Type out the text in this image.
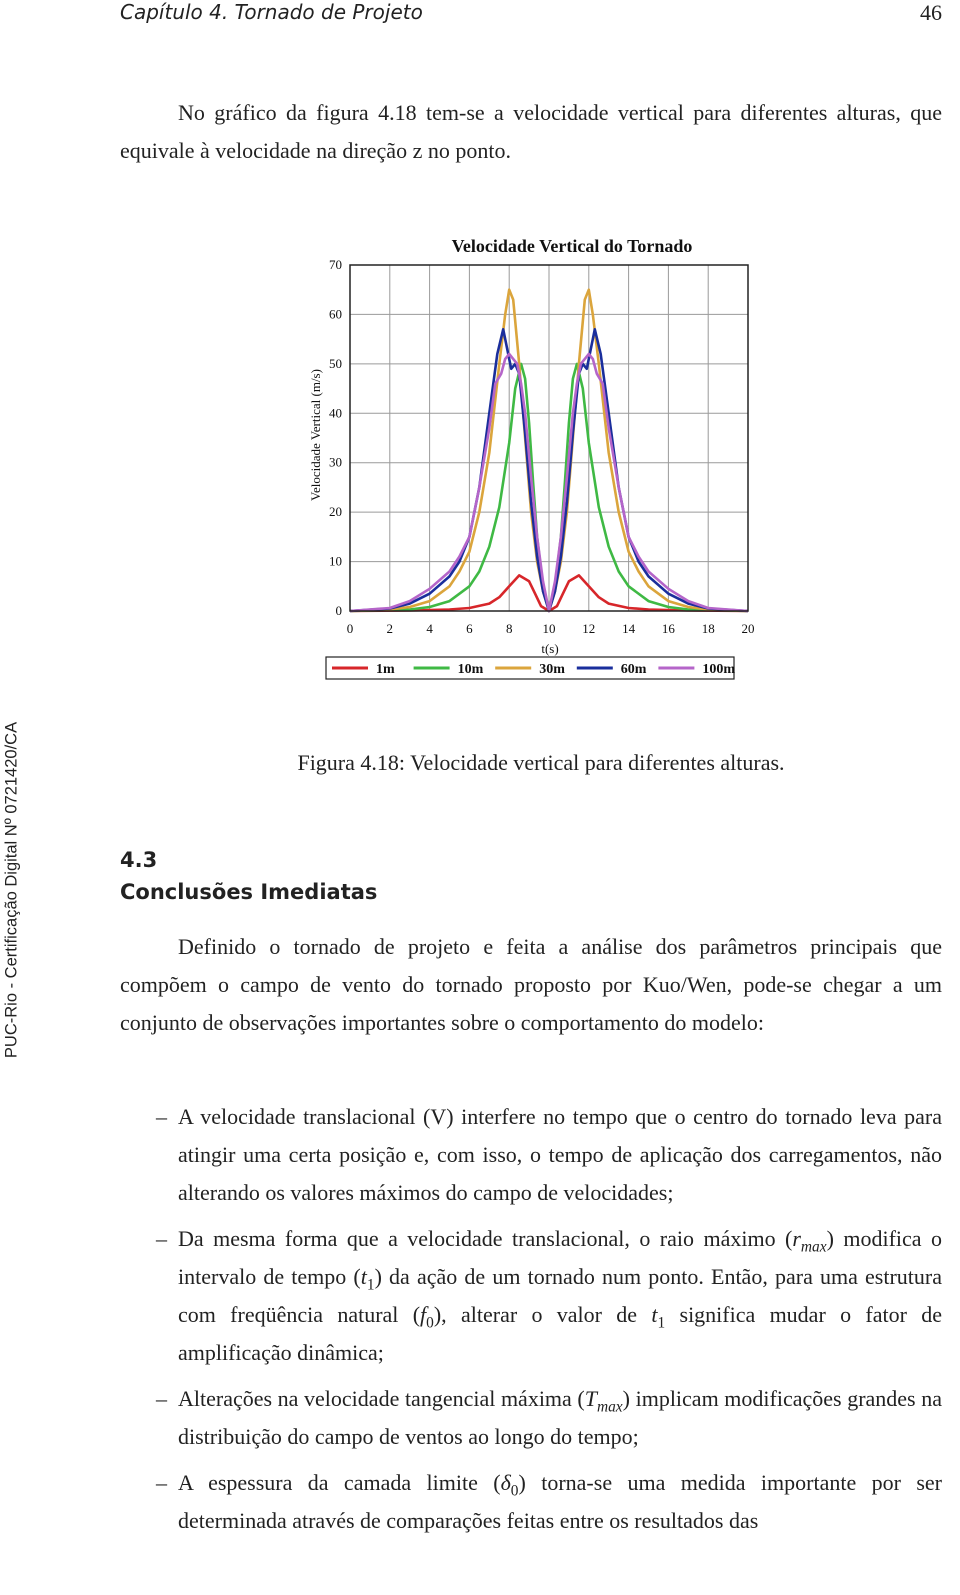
Capítulo 4. Tornado de Projeto	46

No gráfico da figura 4.18 tem-se a velocidade vertical para diferentes alturas, que equivale à velocidade na direção z no ponto.

PUC-Rio - Certificação Digital Nº 0721420/CA
0	2	4	6	8 10 12 14 16 18 20
0
10
20
30
40
50
60
70
Velocidade Vertical do Tornado
t(s)
Velocidade Vertical (m/s)
1m	10m	30m	60m	100m

Figura 4.18: Velocidade vertical para diferentes alturas.

4.3
Conclusões Imediatas

Definido o tornado de projeto e feita a análise dos parâmetros principais que compõem o campo de vento do tornado proposto por Kuo/Wen, pode-se chegar a um conjunto de observações importantes sobre o comportamento do modelo:

– A velocidade translacional (V) interfere no tempo que o centro do tornado leva para atingir uma certa posição e, com isso, o tempo de aplicação dos carregamentos, não alterando os valores máximos do campo de velocidades;
– Da mesma forma que a velocidade translacional, o raio máximo $(r_{max})$ modifica o intervalo de tempo $(t_1)$ da ação de um tornado num ponto. Então, para uma estrutura com freqüência natural $(f_0)$, alterar o valor de $t_1$ significa mudar o fator de amplificação dinâmica;
– Alterações na velocidade tangencial máxima $(T_{max})$ implicam modificações grandes na distribuição do campo de ventos ao longo do tempo;
– A espessura da camada limite $(\delta_0)$ torna-se uma medida importante por ser determinada através de comparações feitas entre os resultados das
